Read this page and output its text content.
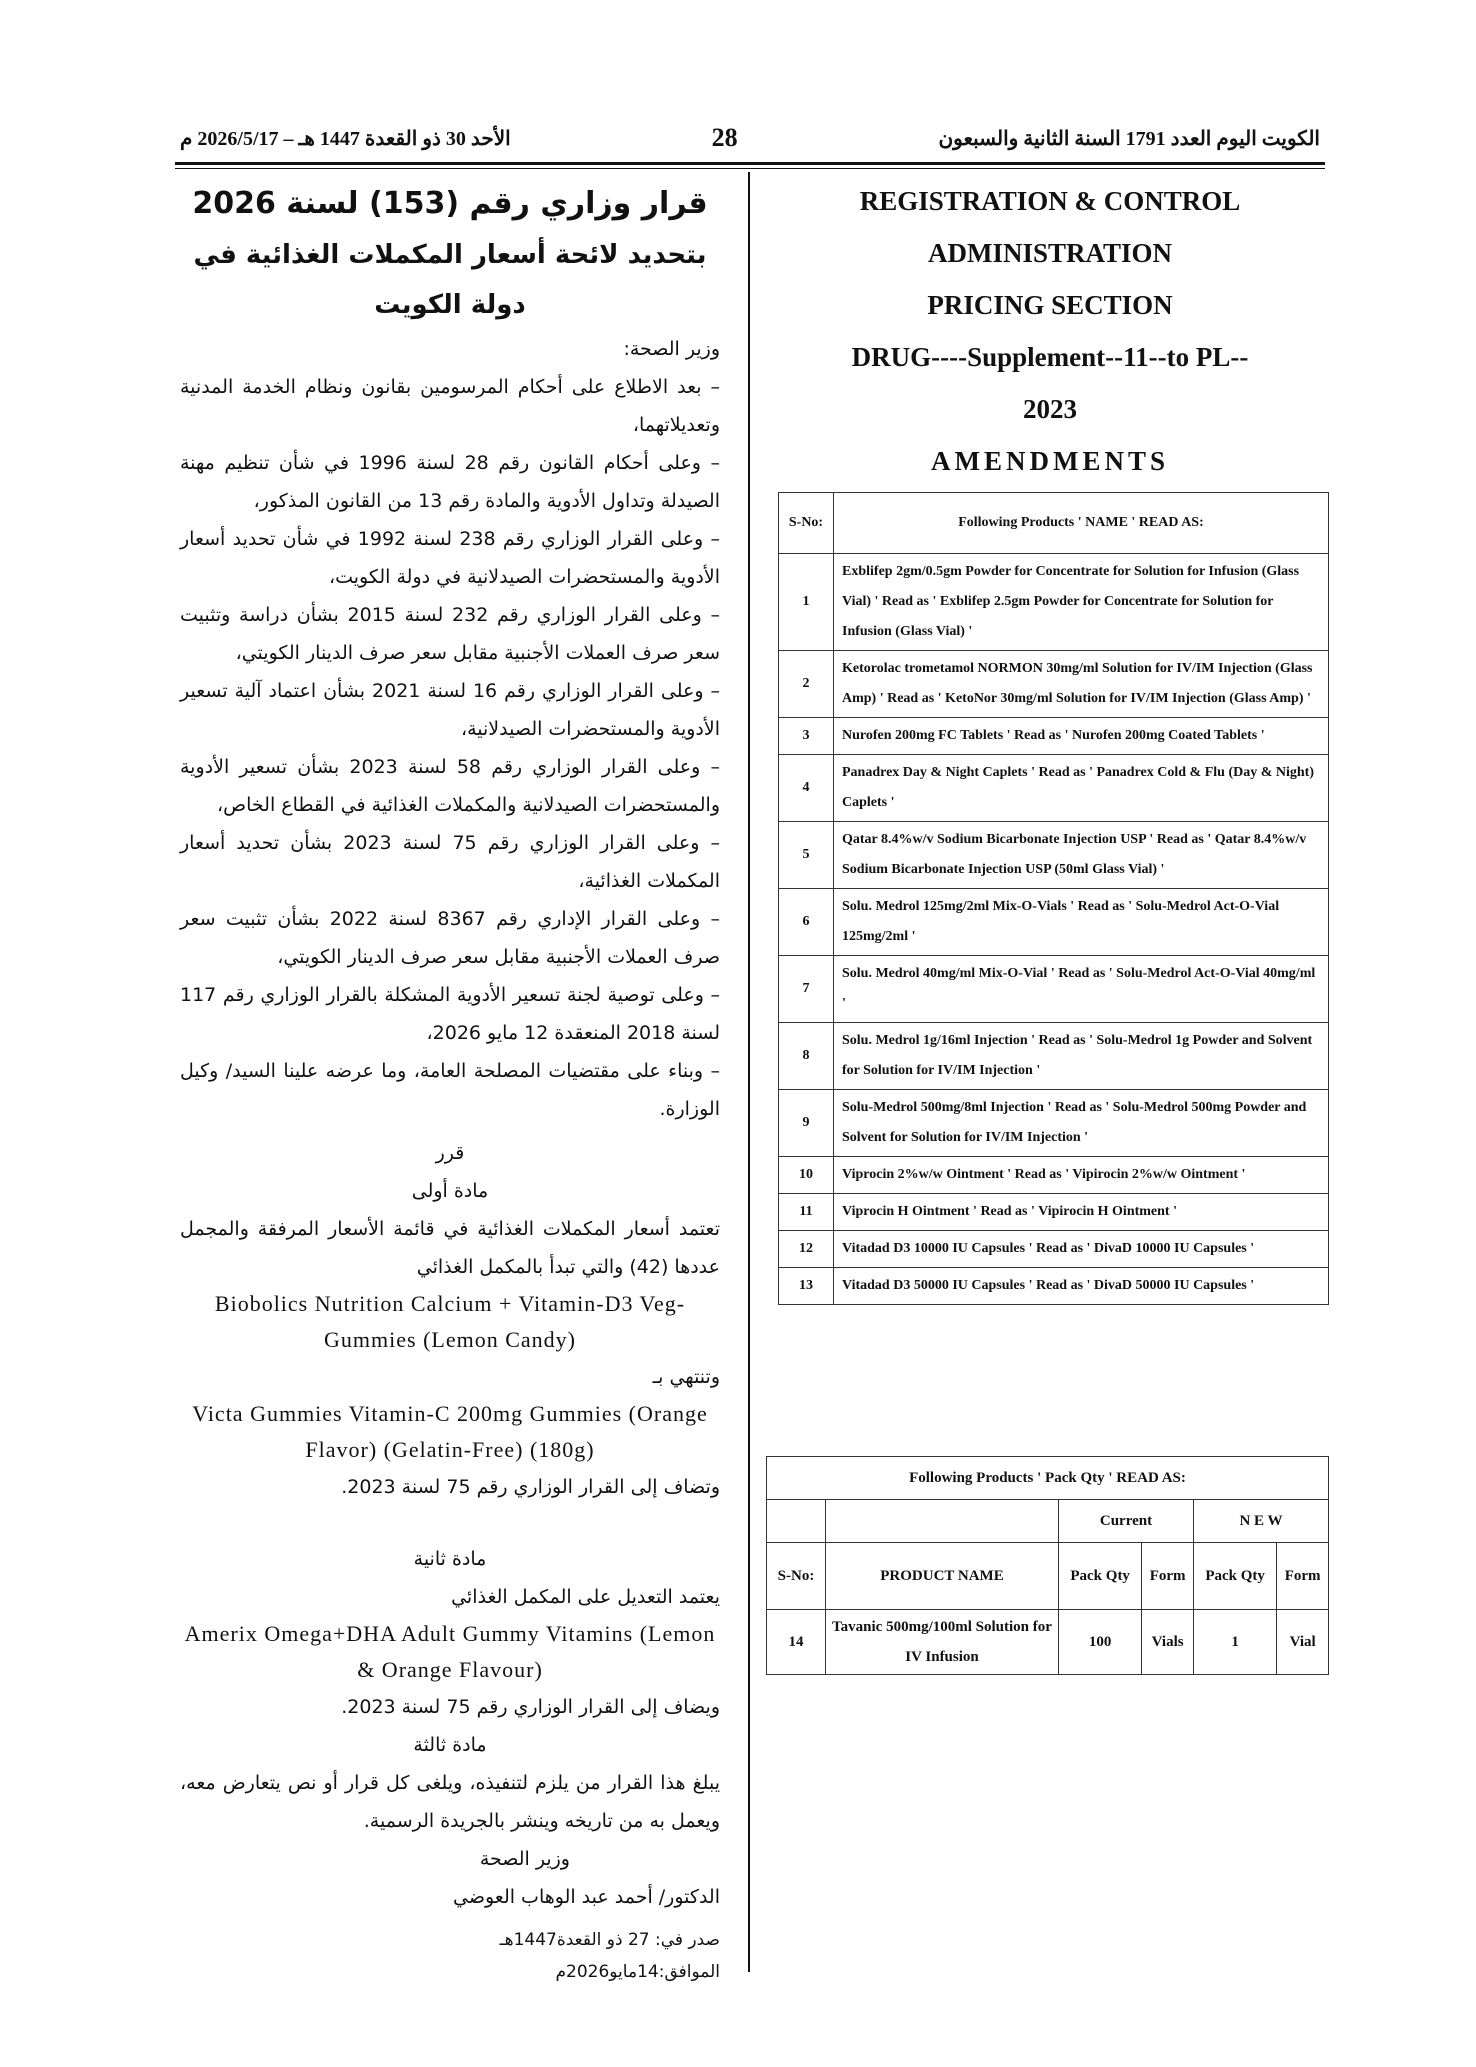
الأحد 30 ذو القعدة 1447 هـ – 2026/5/17 م	28	الكويت اليوم العدد 1791 السنة الثانية والسبعون
REGISTRATION & CONTROL
ADMINISTRATION
PRICING SECTION
DRUG----Supplement--11--to PL--
2023
AMENDMENTS
S-No:	Following Products ' NAME ' READ AS:
1	Exblifep 2gm/0.5gm Powder for Concentrate for Solution for Infusion (Glass Vial) ' Read as ' Exblifep 2.5gm Powder for Concentrate for Solution for Infusion (Glass Vial) '
2	Ketorolac trometamol NORMON 30mg/ml Solution for IV/IM Injection (Glass Amp) ' Read as ' KetoNor 30mg/ml Solution for IV/IM Injection (Glass Amp) '
3	Nurofen 200mg FC Tablets ' Read as ' Nurofen 200mg Coated Tablets '
4	Panadrex Day & Night Caplets ' Read as ' Panadrex Cold & Flu (Day & Night) Caplets '
5	Qatar 8.4%w/v Sodium Bicarbonate Injection USP ' Read as ' Qatar 8.4%w/v Sodium Bicarbonate Injection USP (50ml Glass Vial) '
6	Solu. Medrol 125mg/2ml Mix-O-Vials ' Read as ' Solu-Medrol Act-O-Vial 125mg/2ml '
7	Solu. Medrol 40mg/ml Mix-O-Vial ' Read as ' Solu-Medrol Act-O-Vial 40mg/ml '
8	Solu. Medrol 1g/16ml Injection ' Read as ' Solu-Medrol 1g Powder and Solvent for Solution for IV/IM Injection '
9	Solu-Medrol 500mg/8ml Injection ' Read as ' Solu-Medrol 500mg Powder and Solvent for Solution for IV/IM Injection '
10	Viprocin 2%w/w Ointment ' Read as ' Vipirocin 2%w/w Ointment '
11	Viprocin H Ointment ' Read as ' Vipirocin H Ointment '
12	Vitadad D3 10000 IU Capsules ' Read as ' DivaD 10000 IU Capsules '
13	Vitadad D3 50000 IU Capsules ' Read as ' DivaD 50000 IU Capsules '
Following Products ' Pack Qty ' READ AS:					
		Current		N E W	
S-No:	PRODUCT NAME	Pack Qty	Form	Pack Qty	Form
14	Tavanic 500mg/100ml Solution for IV Infusion	100	Vials	1	Vial
قرار وزاري رقم (153) لسنة 2026
بتحديد لائحة أسعار المكملات الغذائية في دولة الكويت

وزير الصحة:

– بعد الاطلاع على أحكام المرسومين بقانون ونظام الخدمة المدنية وتعديلاتهما،

– وعلى أحكام القانون رقم 28 لسنة 1996 في شأن تنظيم مهنة الصيدلة وتداول الأدوية والمادة رقم 13 من القانون المذكور،

– وعلى القرار الوزاري رقم 238 لسنة 1992 في شأن تحديد أسعار الأدوية والمستحضرات الصيدلانية في دولة الكويت،

– وعلى القرار الوزاري رقم 232 لسنة 2015 بشأن دراسة وتثبيت سعر صرف العملات الأجنبية مقابل سعر صرف الدينار الكويتي،

– وعلى القرار الوزاري رقم 16 لسنة 2021 بشأن اعتماد آلية تسعير الأدوية والمستحضرات الصيدلانية،

– وعلى القرار الوزاري رقم 58 لسنة 2023 بشأن تسعير الأدوية والمستحضرات الصيدلانية والمكملات الغذائية في القطاع الخاص،

– وعلى القرار الوزاري رقم 75 لسنة 2023 بشأن تحديد أسعار المكملات الغذائية،

– وعلى القرار الإداري رقم 8367 لسنة 2022 بشأن تثبيت سعر صرف العملات الأجنبية مقابل سعر صرف الدينار الكويتي،

– وعلى توصية لجنة تسعير الأدوية المشكلة بالقرار الوزاري رقم 117 لسنة 2018 المنعقدة 12 مايو 2026،

– وبناء على مقتضيات المصلحة العامة، وما عرضه علينا السيد/ وكيل الوزارة.

قرر

مادة أولى

تعتمد أسعار المكملات الغذائية في قائمة الأسعار المرفقة والمجمل عددها (42) والتي تبدأ بالمكمل الغذائي

Biobolics Nutrition Calcium + Vitamin-D3 Veg-Gummies (Lemon Candy)

وتنتهي بـ

Victa Gummies Vitamin-C 200mg Gummies (Orange Flavor) (Gelatin-Free) (180g)

وتضاف إلى القرار الوزاري رقم 75 لسنة 2023.

مادة ثانية

يعتمد التعديل على المكمل الغذائي

Amerix Omega+DHA Adult Gummy Vitamins (Lemon & Orange Flavour)

ويضاف إلى القرار الوزاري رقم 75 لسنة 2023.

مادة ثالثة

يبلغ هذا القرار من يلزم لتنفيذه، ويلغى كل قرار أو نص يتعارض معه، ويعمل به من تاريخه وينشر بالجريدة الرسمية.

وزير الصحة

الدكتور/ أحمد عبد الوهاب العوضي

صدر في: 27 ذو القعدة1447هـ

الموافق:14مايو2026م
